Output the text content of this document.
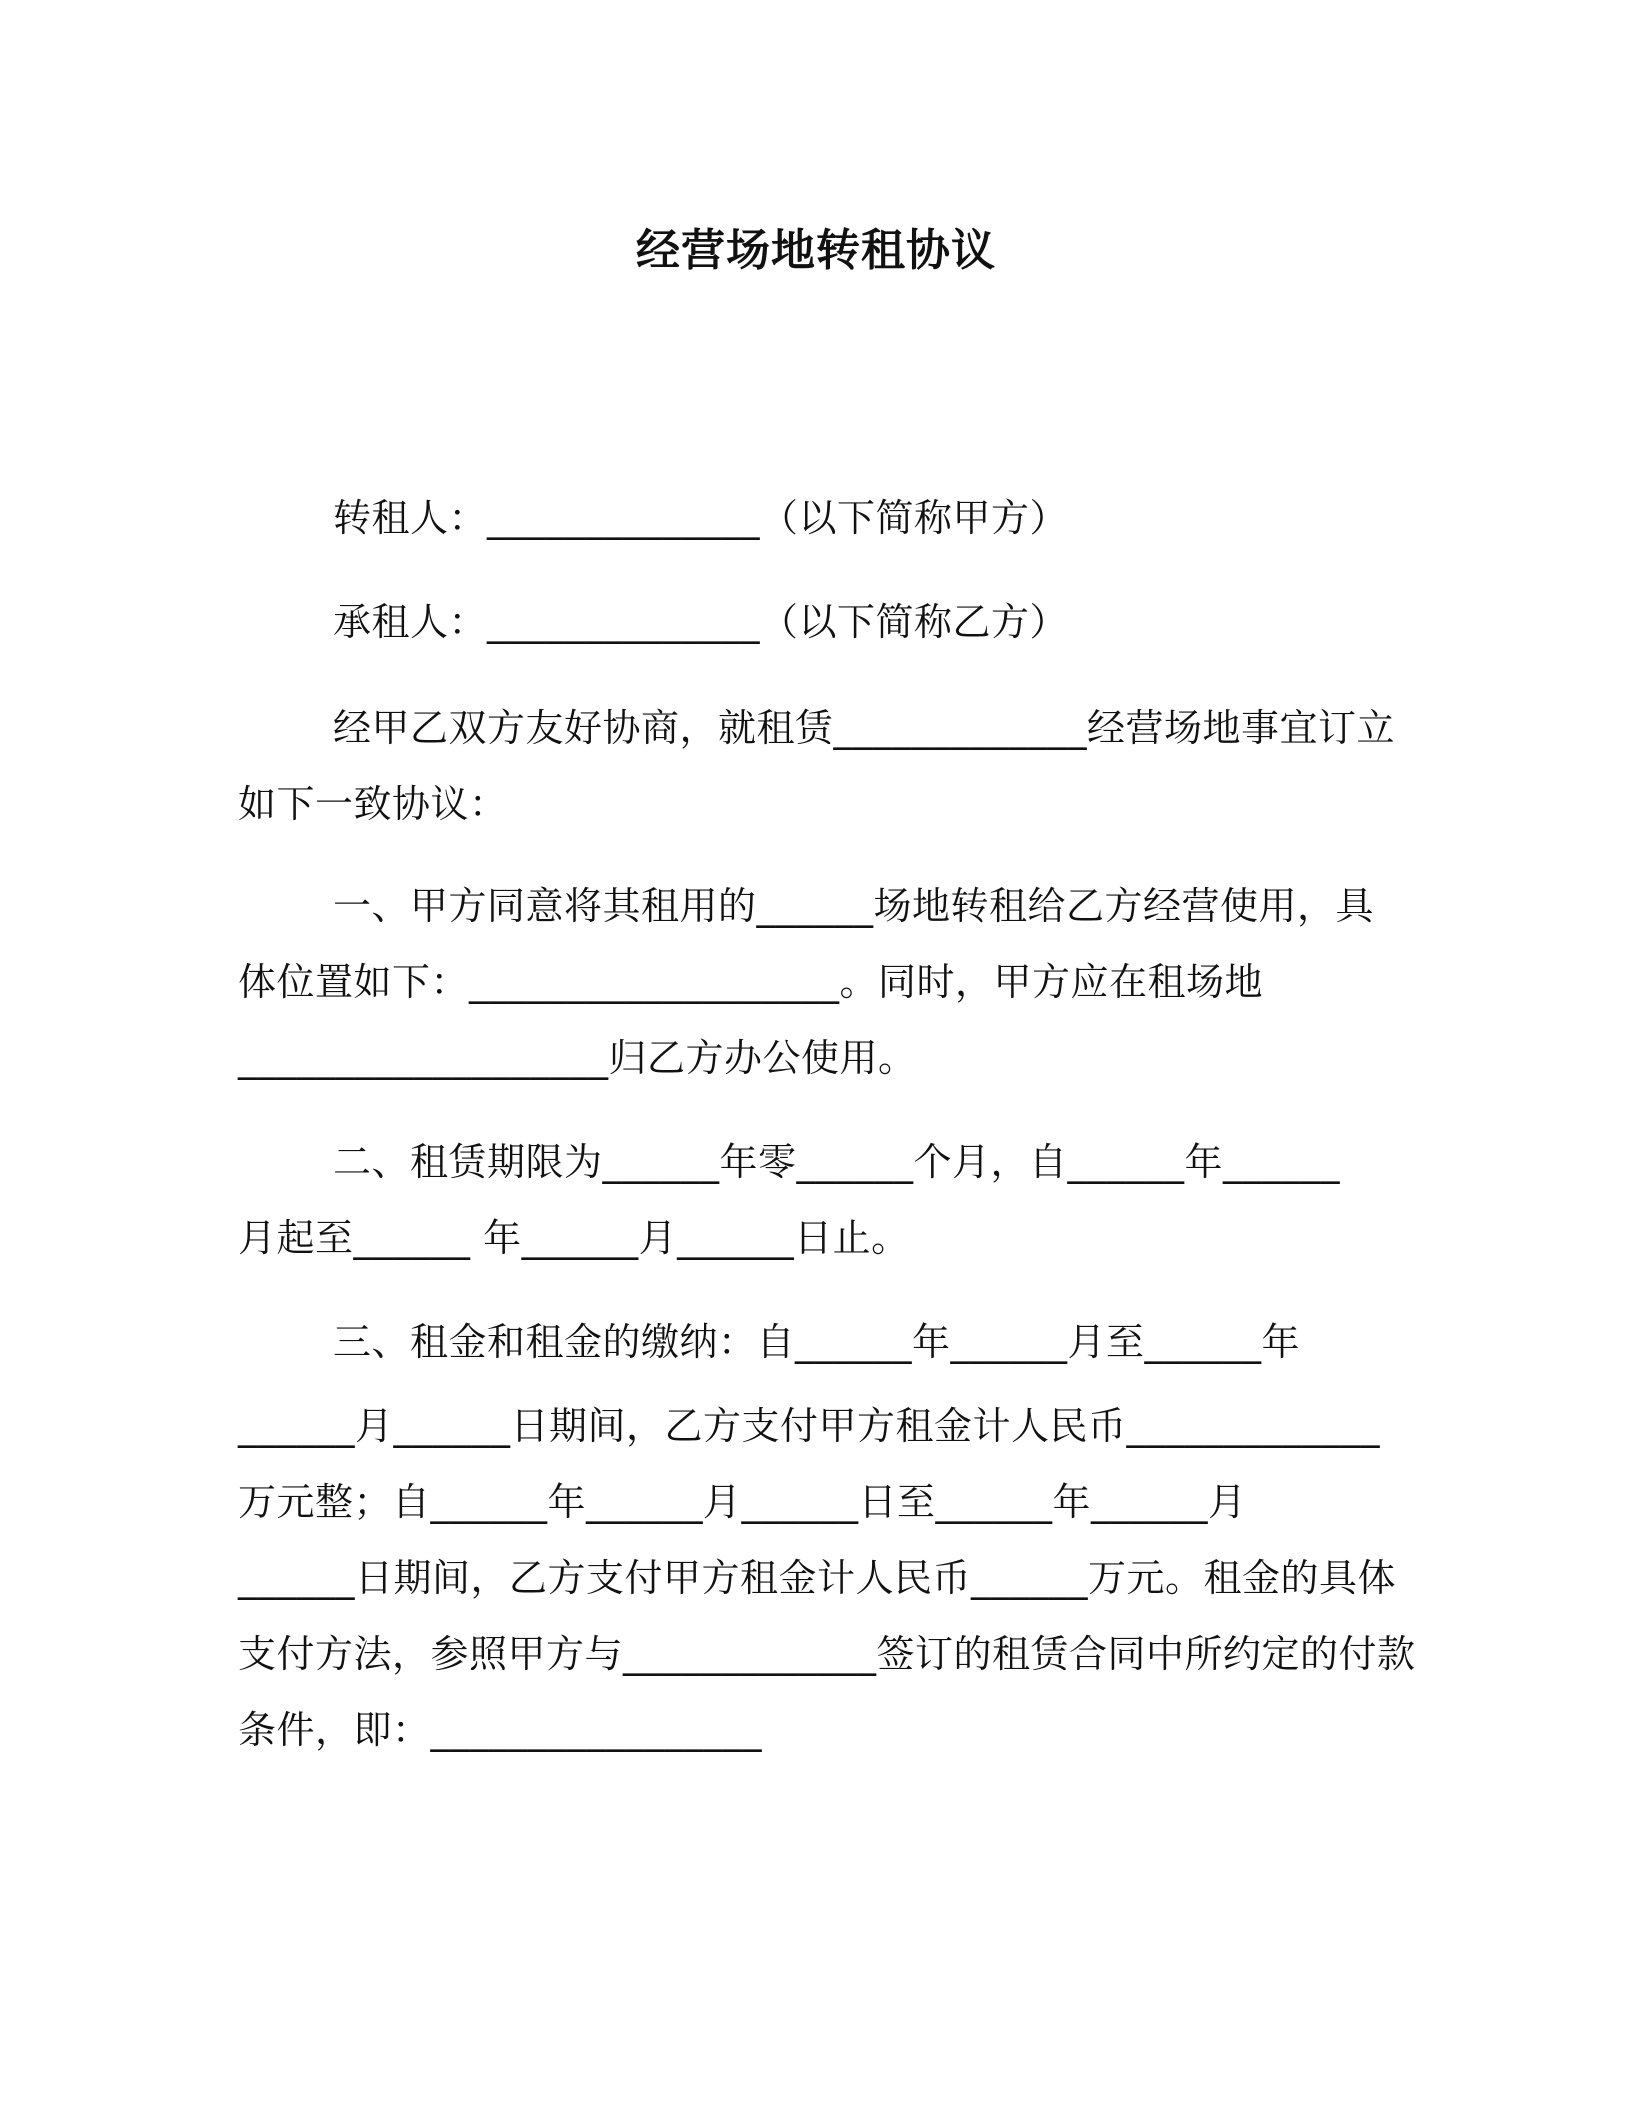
经营场地转租协议
转租人：______________（以下简称甲方）
承租人：______________（以下简称乙方）
经甲乙双方友好协商，就租赁_____________经营场地事宜订立
如下一致协议：
一、甲方同意将其租用的______场地转租给乙方经营使用，具
体位置如下：___________________。同时，甲方应在租场地
___________________归乙方办公使用。
二、租赁期限为______年零______个月，自______年______
月起至______ 年______月______日止。
三、租金和租金的缴纳：自______年______月至______年
______月______日期间，乙方支付甲方租金计人民币_____________
万元整；自______年______月______日至______年______月
______日期间，乙方支付甲方租金计人民币______万元。租金的具体
支付方法，参照甲方与_____________签订的租赁合同中所约定的付款
条件，即：_________________
